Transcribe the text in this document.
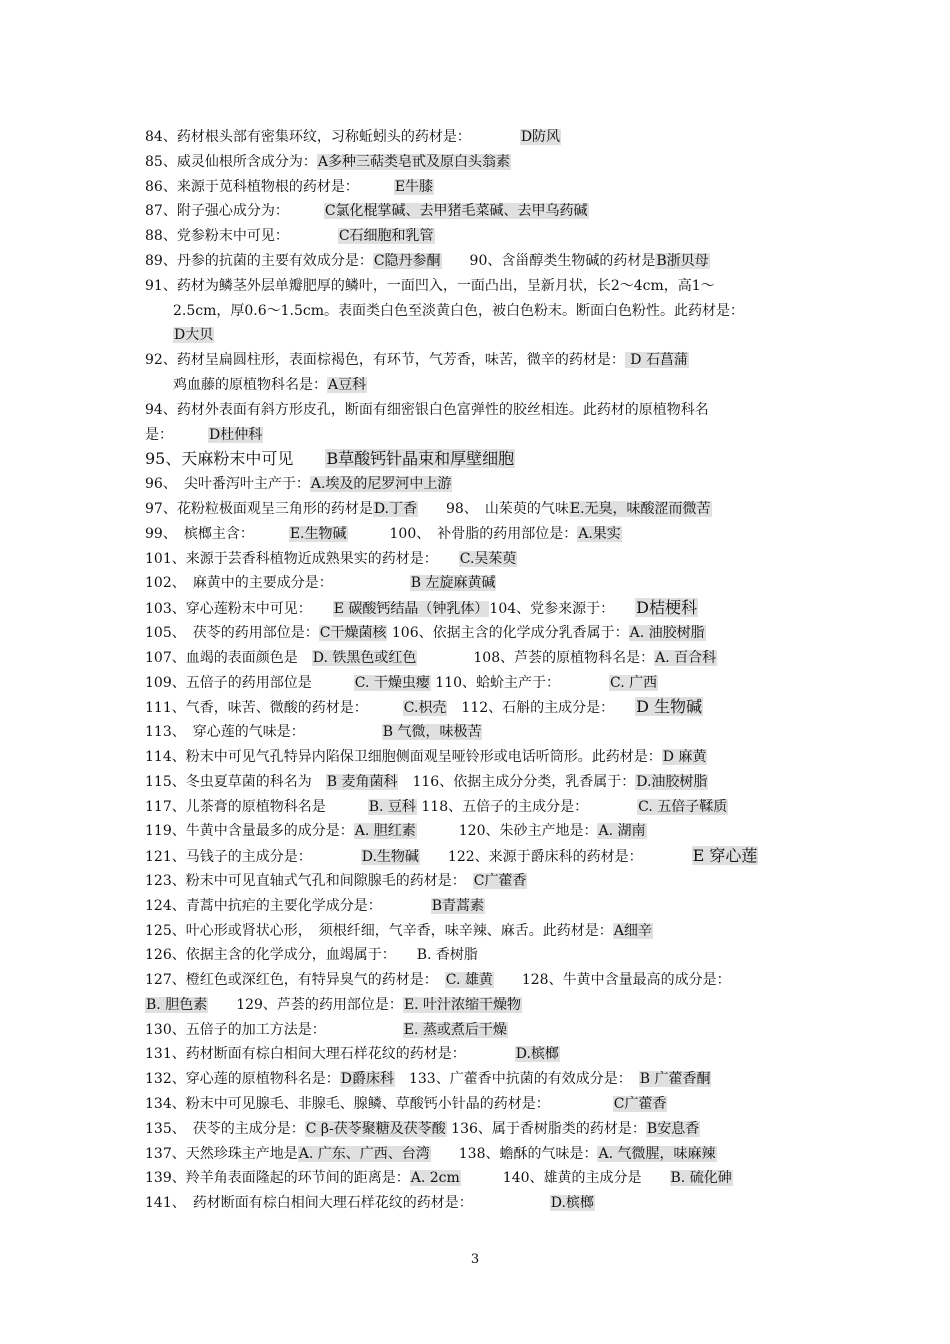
84、药材根头部有密集环纹，习称蚯蚓头的药材是：　　　　D防风
85、威灵仙根所含成分为：A多种三萜类皂甙及原白头翁素
86、来源于苋科植物根的药材是：　　　E牛膝
87、附子强心成分为：　　　C氯化棍掌碱、去甲猪毛菜碱、去甲乌药碱
88、党参粉末中可见：　　　　C石细胞和乳管
89、丹参的抗菌的主要有效成分是：C隐丹参酮　　90、含甾醇类生物碱的药材是B浙贝母
91、药材为鳞茎外层单瓣肥厚的鳞叶，一面凹入，一面凸出，呈新月状，长2～4cm，高1～
　　2.5cm，厚0.6～1.5cm。表面类白色至淡黄白色，被白色粉末。断面白色粉性。此药材是：
　　D大贝
92、药材呈扁圆柱形，表面棕褐色，有环节，气芳香，味苦，微辛的药材是： D 石菖蒲
　　鸡血藤的原植物科名是：A豆科
94、药材外表面有斜方形皮孔，断面有细密银白色富弹性的胶丝相连。此药材的原植物科名
是：　　　D杜仲科
95、天麻粉末中可见　　B草酸钙针晶束和厚壁细胞
96、　尖叶番泻叶主产于：A.埃及的尼罗河中上游
97、花粉粒极面观呈三角形的药材是D.丁香　　98、　山茱萸的气味E.无臭，味酸涩而微苦
99、　槟榔主含：　　　E.生物碱　　　100、　补骨脂的药用部位是：A.果实
101、来源于芸香科植物近成熟果实的药材是：　　C.吴茱萸
102、　麻黄中的主要成分是：　　　　　　B 左旋麻黄碱
103、穿心莲粉末中可见：　　E 碳酸钙结晶（钟乳体）104、党参来源于：　　D桔梗科
105、　茯苓的药用部位是：C干燥菌核 106、依据主含的化学成分乳香属于：A. 油胶树脂
107、血竭的表面颜色是　D. 铁黑色或红色　　　　108、芦荟的原植物科名是：A. 百合科
109、五倍子的药用部位是　　　C. 干燥虫瘿 110、蛤蚧主产于：　　　　C. 广西
111、气香，味苦、微酸的药材是：　　　C.枳壳　112、石斛的主成分是：　　D 生物碱
113、　穿心莲的气味是：　　　　　　B 气微，味极苦
114、粉末中可见气孔特异内陷保卫细胞侧面观呈哑铃形或电话听筒形。此药材是：D 麻黄
115、冬虫夏草菌的科名为　B 麦角菌科　116、依据主成分分类，乳香属于：D.油胶树脂
117、儿茶膏的原植物科名是　　　B. 豆科 118、五倍子的主成分是：　　　　C. 五倍子鞣质
119、牛黄中含量最多的成分是：A. 胆红素　　　120、朱砂主产地是：A. 湖南
121、马钱子的主成分是：　　　　D.生物碱　　122、来源于爵床科的药材是：　　　　E 穿心莲
123、粉末中可见直轴式气孔和间隙腺毛的药材是：　C广藿香
124、青蒿中抗疟的主要化学成分是：　　　　B青蒿素
125、叶心形或肾状心形，　须根纤细，气辛香，味辛辣、麻舌。此药材是：A细辛
126、依据主含的化学成分，血竭属于：　　B. 香树脂
127、橙红色或深红色，有特异臭气的药材是：　C. 雄黄　　128、牛黄中含量最高的成分是：
B. 胆色素　　129、芦荟的药用部位是：E. 叶汁浓缩干燥物
130、五倍子的加工方法是：　　　　　　E. 蒸或煮后干燥
131、药材断面有棕白相间大理石样花纹的药材是：　　　　D.槟榔
132、穿心莲的原植物科名是：D爵床科　133、广藿香中抗菌的有效成分是：　B 广藿香酮
134、粉末中可见腺毛、非腺毛、腺鳞、草酸钙小针晶的药材是：　　　　　C广藿香
135、　茯苓的主成分是：C β-茯苓聚糖及茯苓酸 136、属于香树脂类的药材是：B安息香
137、天然珍珠主产地是A. 广东、广西、台湾　　138、蟾酥的气味是：A. 气微腥，味麻辣
139、羚羊角表面隆起的环节间的距离是：A. 2cm　　　140、雄黄的主成分是　　B. 硫化砷
141、　药材断面有棕白相间大理石样花纹的药材是：　　　　　　D.槟榔
3
